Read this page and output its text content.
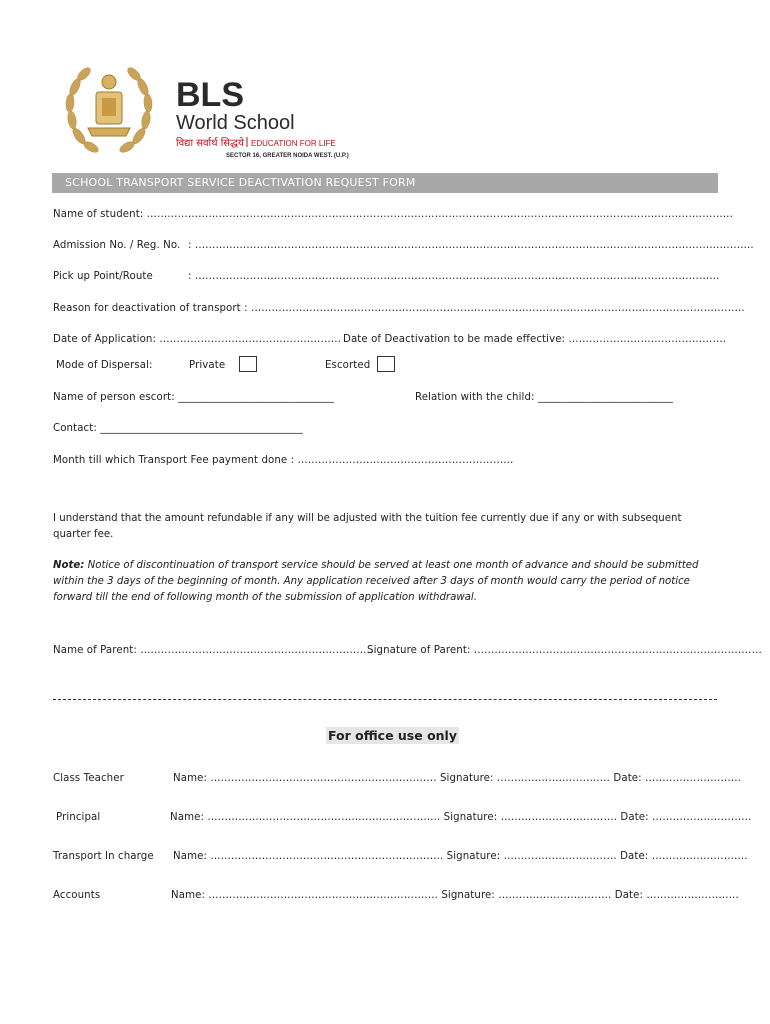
BLS
World School
विद्या सर्वार्थ सिद्धये EDUCATION FOR LIFE
SECTOR 16, GREATER NOIDA WEST. (U.P.)
SCHOOL TRANSPORT SERVICE DEACTIVATION REQUEST FORM
Name of student: ………………………………………………………………………………………………………………………………………………………
Admission No. / Reg. No. : ……………………………………………………………………………………………………………………………………………….
Pick up Point/Route	: ………………………………………………………………………………………………………………………………………
Reason for deactivation of transport : ………………………………………………………………………………………………………………………………
Date of Application: …………………………………………….. Date of Deactivation to be made effective: ……………………………………….
Mode of Dispersal:	Private	Escorted
Name of person escort: ______________________________	Relation with the child: __________________________
Contact: _______________________________________
Month till which Transport Fee payment done : ………………………………………………………
I understand that the amount refundable if any will be adjusted with the tuition fee currently due if any or with subsequent quarter fee.
Note: Notice of discontinuation of transport service should be served at least one month of advance and should be submitted within the 3 days of the beginning of month. Any application received after 3 days of month would carry the period of notice forward till the end of following month of the submission of application withdrawal.
Name of Parent: ……………………………………………………………
Signature of Parent: …………………………………………………………………………
For office use only
Class Teacher	Name: ………………………………………………………… Signature: …………………………… Date: ……………………….
Principal	Name: ………………………………………………………….. Signature: ……………………………. Date: ………………………..
Transport In charge Name: ………………………………………………………….. Signature: …………………………… Date: ……………………….
Accounts	Name: …………………………………………………………. Signature: …………………………… Date: ………………………
